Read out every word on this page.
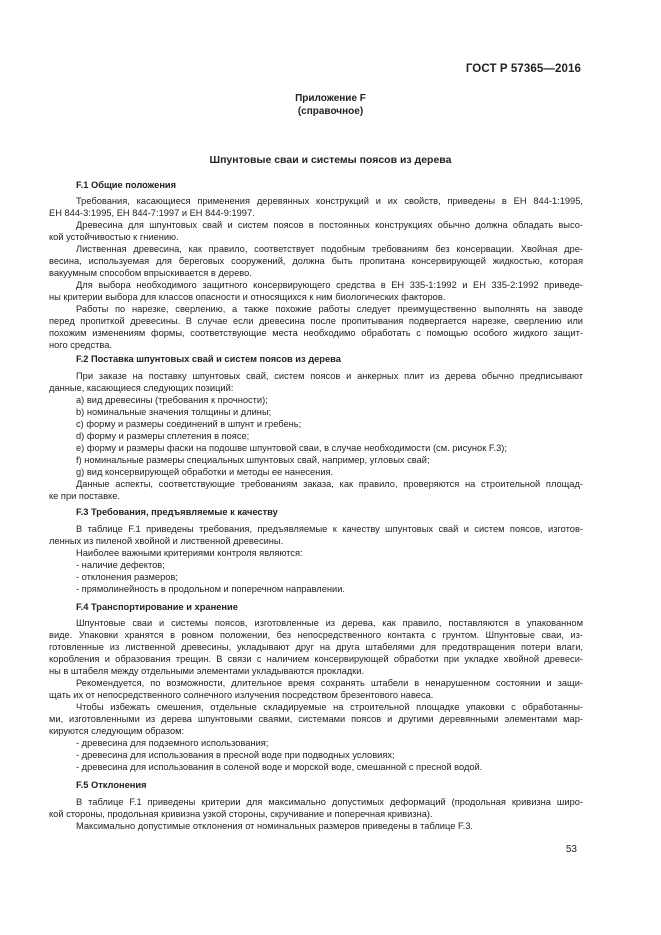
ГОСТ Р 57365—2016
Приложение F
(справочное)
Шпунтовые сваи и системы поясов из дерева
F.1 Общие положения
Требования, касающиеся применения деревянных конструкций и их свойств, приведены в ЕН 844-1:1995,
ЕН 844-3:1995, ЕН 844-7:1997 и ЕН 844-9:1997.
Древесина для шпунтовых свай и систем поясов в постоянных конструкциях обычно должна обладать высо-
кой устойчивостью к гниению.
Лиственная древесина, как правило, соответствует подобным требованиям без консервации. Хвойная дре-
весина, используемая для береговых сооружений, должна быть пропитана консервирующей жидкостью, которая
вакуумным способом впрыскивается в дерево.
Для выбора необходимого защитного консервирующего средства в ЕН 335-1:1992 и ЕН 335-2:1992 приведе-
ны критерии выбора для классов опасности и относящихся к ним биологических факторов.
Работы по нарезке, сверлению, а также похожие работы следует преимущественно выполнять на заводе
перед пропиткой древесины. В случае если древесина после пропитывания подвергается нарезке, сверлению или
похожим изменениям формы, соответствующие места необходимо обработать с помощью особого жидкого защит-
ного средства.
F.2 Поставка шпунтовых свай и систем поясов из дерева
При заказе на поставку шпунтовых свай, систем поясов и анкерных плит из дерева обычно предписывают
данные, касающиеся следующих позиций:
a) вид древесины (требования к прочности);
b) номинальные значения толщины и длины;
c) форму и размеры соединений в шпунт и гребень;
d) форму и размеры сплетения в поясе;
e) форму и размеры фаски на подошве шпунтовой сваи, в случае необходимости (см. рисунок F.3);
f) номинальные размеры специальных шпунтовых свай, например, угловых свай;
g) вид консервирующей обработки и методы ее нанесения.
Данные аспекты, соответствующие требованиям заказа, как правило, проверяются на строительной площад-
ке при поставке.
F.3 Требования, предъявляемые к качеству
В таблице F.1 приведены требования, предъявляемые к качеству шпунтовых свай и систем поясов, изготов-
ленных из пиленой хвойной и лиственной древесины.
Наиболее важными критериями контроля являются:
- наличие дефектов;
- отклонения размеров;
- прямолинейность в продольном и поперечном направлении.
F.4 Транспортирование и хранение
Шпунтовые сваи и системы поясов, изготовленные из дерева, как правило, поставляются в упакованном
виде. Упаковки хранятся в ровном положении, без непосредственного контакта с грунтом. Шпунтовые сваи, из-
готовленные из лиственной древесины, укладывают друг на друга штабелями для предотвращения потери влаги,
коробления и образования трещин. В связи с наличием консервирующей обработки при укладке хвойной древеси-
ны в штабеля между отдельными элементами укладываются прокладки.
Рекомендуется, по возможности, длительное время сохранять штабели в ненарушенном состоянии и защи-
щать их от непосредственного солнечного излучения посредством брезентового навеса.
Чтобы избежать смешения, отдельные складируемые на строительной площадке упаковки с обработанны-
ми, изготовленными из дерева шпунтовыми сваями, системами поясов и другими деревянными элементами мар-
кируются следующим образом:
- древесина для подземного использования;
- древесина для использования в пресной воде при подводных условиях;
- древесина для использования в соленой воде и морской воде, смешанной с пресной водой.
F.5 Отклонения
В таблице F.1 приведены критерии для максимально допустимых деформаций (продольная кривизна широ-
кой стороны, продольная кривизна узкой стороны, скручивание и поперечная кривизна).
Максимально допустимые отклонения от номинальных размеров приведены в таблице F.3.
53
